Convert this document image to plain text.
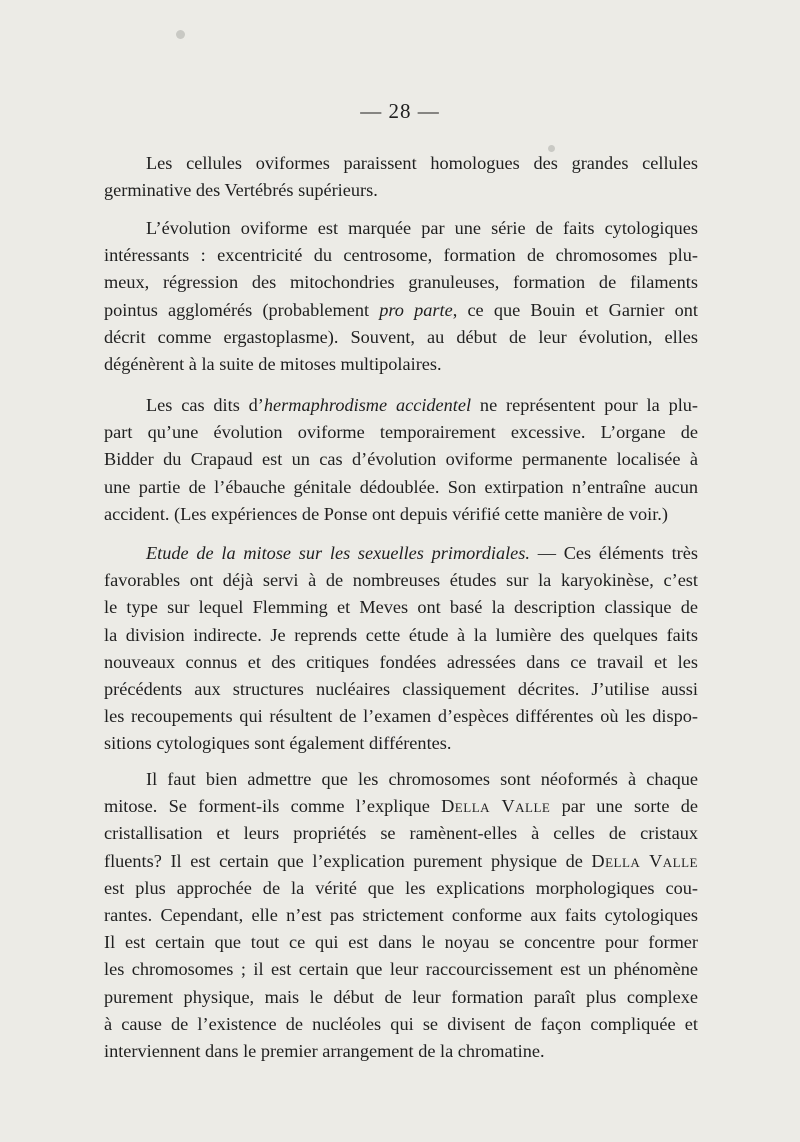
— 28 —
Les cellules oviformes paraissent homologues des grandes cellules
germinative des Vertébrés supérieurs.
L’évolution oviforme est marquée par une série de faits cytologiques
intéressants : excentricité du centrosome, formation de chromosomes plu-
meux, régression des mitochondries granuleuses, formation de filaments
pointus agglomérés (probablement pro parte, ce que Bouin et Garnier ont
décrit comme ergastoplasme). Souvent, au début de leur évolution, elles
dégénèrent à la suite de mitoses multipolaires.
Les cas dits d’hermaphrodisme accidentel ne représentent pour la plu-
part qu’une évolution oviforme temporairement excessive. L’organe de
Bidder du Crapaud est un cas d’évolution oviforme permanente localisée à
une partie de l’ébauche génitale dédoublée. Son extirpation n’entraîne aucun
accident. (Les expériences de Ponse ont depuis vérifié cette manière de voir.)
Etude de la mitose sur les sexuelles primordiales. — Ces éléments très
favorables ont déjà servi à de nombreuses études sur la karyokinèse, c’est
le type sur lequel Flemming et Meves ont basé la description classique de
la division indirecte. Je reprends cette étude à la lumière des quelques faits
nouveaux connus et des critiques fondées adressées dans ce travail et les
précédents aux structures nucléaires classiquement décrites. J’utilise aussi
les recoupements qui résultent de l’examen d’espèces différentes où les dispo-
sitions cytologiques sont également différentes.
Il faut bien admettre que les chromosomes sont néoformés à chaque
mitose. Se forment-ils comme l’explique Della Valle par une sorte de
cristallisation et leurs propriétés se ramènent-elles à celles de cristaux
fluents? Il est certain que l’explication purement physique de Della Valle
est plus approchée de la vérité que les explications morphologiques cou-
rantes. Cependant, elle n’est pas strictement conforme aux faits cytologiques
Il est certain que tout ce qui est dans le noyau se concentre pour former
les chromosomes ; il est certain que leur raccourcissement est un phénomène
purement physique, mais le début de leur formation paraît plus complexe
à cause de l’existence de nucléoles qui se divisent de façon compliquée et
interviennent dans le premier arrangement de la chromatine.
